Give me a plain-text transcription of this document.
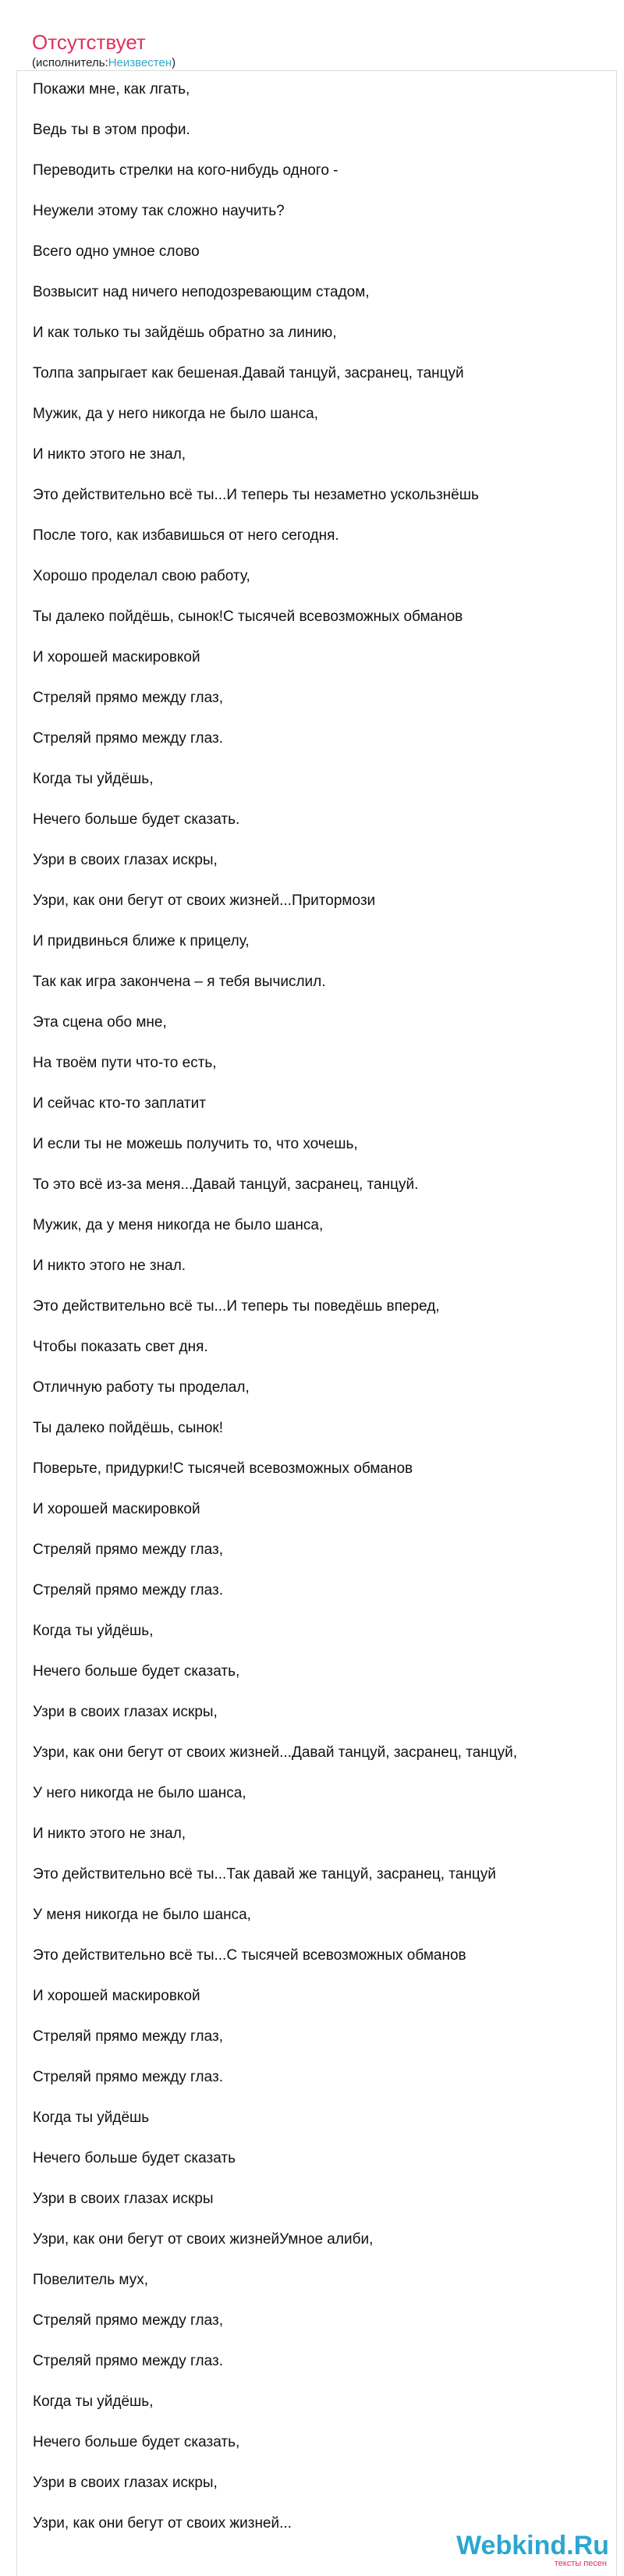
Отсутствует
(исполнитель:Неизвестен)
Покажи мне, как лгать,
Ведь ты в этом профи.
Переводить стрелки на кого-нибудь одного -
Неужели этому так сложно научить?
Всего одно умное слово
Возвысит над ничего неподозревающим стадом,
И как только ты зайдёшь обратно за линию,
Толпа запрыгает как бешеная.Давай танцуй, засранец, танцуй
Мужик, да у него никогда не было шанса,
И никто этого не знал,
Это действительно всё ты...И теперь ты незаметно ускользнёшь
После того, как избавишься от него сегодня.
Хорошо проделал свою работу,
Ты далеко пойдёшь, сынок!С тысячей всевозможных обманов
И хорошей маскировкой
Стреляй прямо между глаз,
Стреляй прямо между глаз.
Когда ты уйдёшь,
Нечего больше будет сказать.
Узри в своих глазах искры,
Узри, как они бегут от своих жизней...Притормози
И придвинься ближе к прицелу,
Так как игра закончена – я тебя вычислил.
Эта сцена обо мне,
На твоём пути что-то есть,
И сейчас кто-то заплатит
И если ты не можешь получить то, что хочешь,
То это всё из-за меня...Давай танцуй, засранец, танцуй.
Мужик, да у меня никогда не было шанса,
И никто этого не знал.
Это действительно всё ты...И теперь ты поведёшь вперед,
Чтобы показать свет дня.
Отличную работу ты проделал,
Ты далеко пойдёшь, сынок!
Поверьте, придурки!С тысячей всевозможных обманов
И хорошей маскировкой
Стреляй прямо между глаз,
Стреляй прямо между глаз.
Когда ты уйдёшь,
Нечего больше будет сказать,
Узри в своих глазах искры,
Узри, как они бегут от своих жизней...Давай танцуй, засранец, танцуй,
У него никогда не было шанса,
И никто этого не знал,
Это действительно всё ты...Так давай же танцуй, засранец, танцуй
У меня никогда не было шанса,
Это действительно всё ты...С тысячей всевозможных обманов
И хорошей маскировкой
Стреляй прямо между глаз,
Стреляй прямо между глаз.
Когда ты уйдёшь
Нечего больше будет сказать
Узри в своих глазах искры
Узри, как они бегут от своих жизнейУмное алиби,
Повелитель мух,
Стреляй прямо между глаз,
Стреляй прямо между глаз.
Когда ты уйдёшь,
Нечего больше будет сказать,
Узри в своих глазах искры,
Узри, как они бегут от своих жизней...
Webkind.Ru
тексты песен
